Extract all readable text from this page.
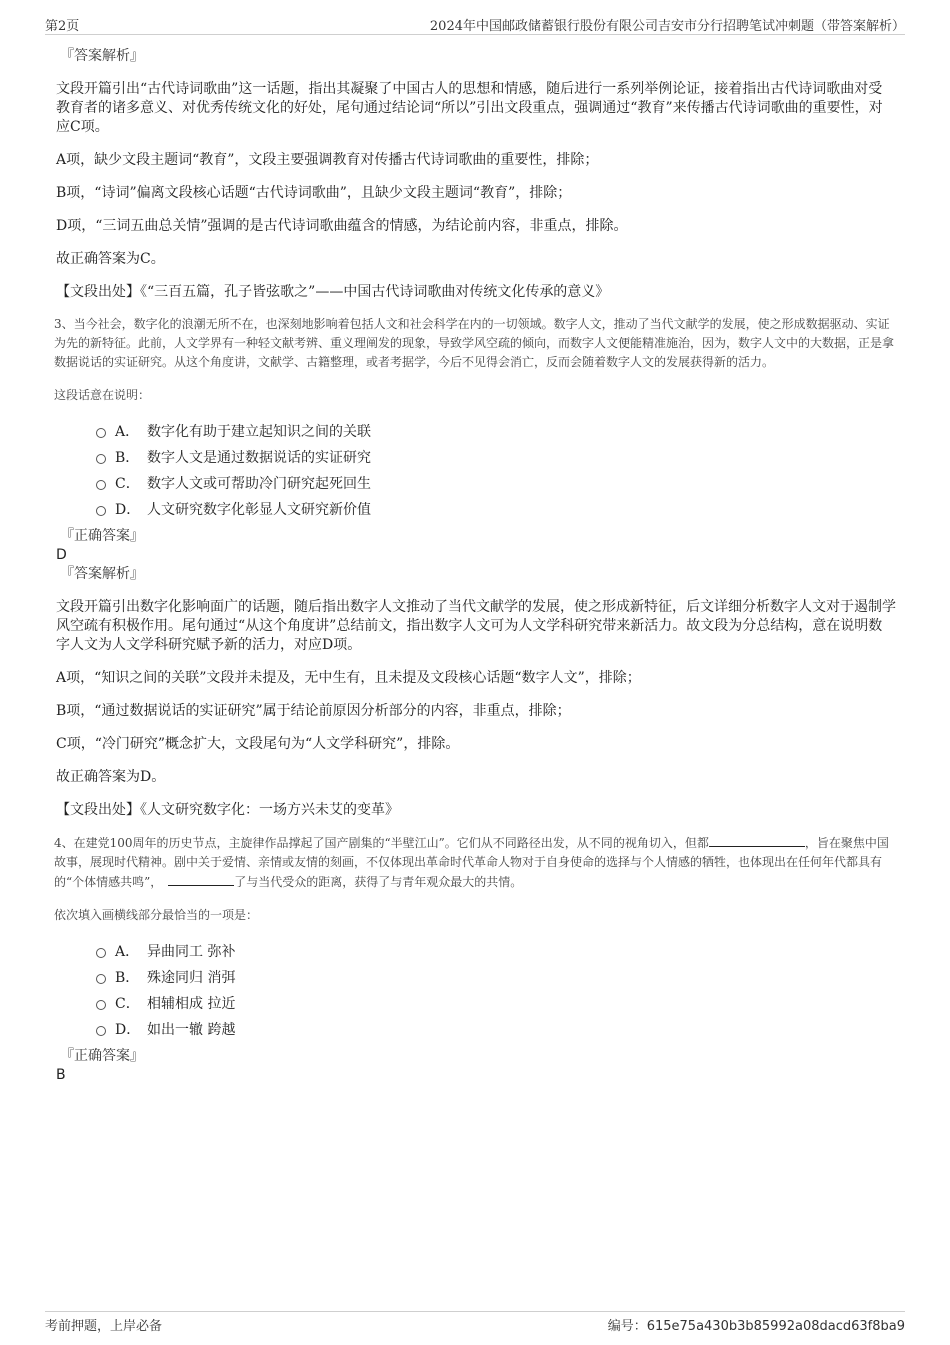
第2页	2024年中国邮政储蓄银行股份有限公司吉安市分行招聘笔试冲刺题（带答案解析）
『答案解析』

文段开篇引出“古代诗词歌曲”这一话题，指出其凝聚了中国古人的思想和情感，随后进行一系列举例论证，接着指出古代诗词歌曲对受教育者的诸多意义、对优秀传统文化的好处，尾句通过结论词“所以”引出文段重点，强调通过“教育”来传播古代诗词歌曲的重要性，对应C项。

A项，缺少文段主题词“教育”，文段主要强调教育对传播古代诗词歌曲的重要性，排除；

B项，“诗词”偏离文段核心话题“古代诗词歌曲”，且缺少文段主题词“教育”，排除；

D项，“三词五曲总关情”强调的是古代诗词歌曲蕴含的情感，为结论前内容，非重点，排除。

故正确答案为C。

【文段出处】《“三百五篇，孔子皆弦歌之”——中国古代诗词歌曲对传统文化传承的意义》

3、当今社会，数字化的浪潮无所不在，也深刻地影响着包括人文和社会科学在内的一切领域。数字人文，推动了当代文献学的发展，使之形成数据驱动、实证为先的新特征。此前，人文学界有一种轻文献考辨、重义理阐发的现象，导致学风空疏的倾向，而数字人文便能精准施治，因为，数字人文中的大数据，正是拿数据说话的实证研究。从这个角度讲，文献学、古籍整理，或者考据学，今后不见得会消亡，反而会随着数字人文的发展获得新的活力。

这段话意在说明：
A． 数字化有助于建立起知识之间的关联
B． 数字人文是通过数据说话的实证研究
C． 数字人文或可帮助冷门研究起死回生
D． 人文研究数字化彰显人文研究新价值
『正确答案』
D
『答案解析』

文段开篇引出数字化影响面广的话题，随后指出数字人文推动了当代文献学的发展，使之形成新特征，后文详细分析数字人文对于遏制学风空疏有积极作用。尾句通过“从这个角度讲”总结前文，指出数字人文可为人文学科研究带来新活力。故文段为分总结构，意在说明数字人文为人文学科研究赋予新的活力，对应D项。

A项，“知识之间的关联”文段并未提及，无中生有，且未提及文段核心话题“数字人文”，排除；

B项，“通过数据说话的实证研究”属于结论前原因分析部分的内容，非重点，排除；

C项，“冷门研究”概念扩大，文段尾句为“人文学科研究”，排除。

故正确答案为D。

【文段出处】《人文研究数字化：一场方兴未艾的变革》

4、在建党100周年的历史节点，主旋律作品撑起了国产剧集的“半壁江山”。它们从不同路径出发，从不同的视角切入，但都	，旨在聚焦中国故事，展现时代精神。剧中关于爱情、亲情或友情的刻画，不仅体现出革命时代革命人物对于自身使命的选择与个人情感的牺牲，也体现出在任何年代都具有的“个体情感共鸣”，	了与当代受众的距离，获得了与青年观众最大的共情。

依次填入画横线部分最恰当的一项是：
A． 异曲同工 弥补
B． 殊途同归 消弭
C． 相辅相成 拉近
D． 如出一辙 跨越
『正确答案』
B
考前押题，上岸必备	编号：615e75a430b3b85992a08dacd63f8ba9
